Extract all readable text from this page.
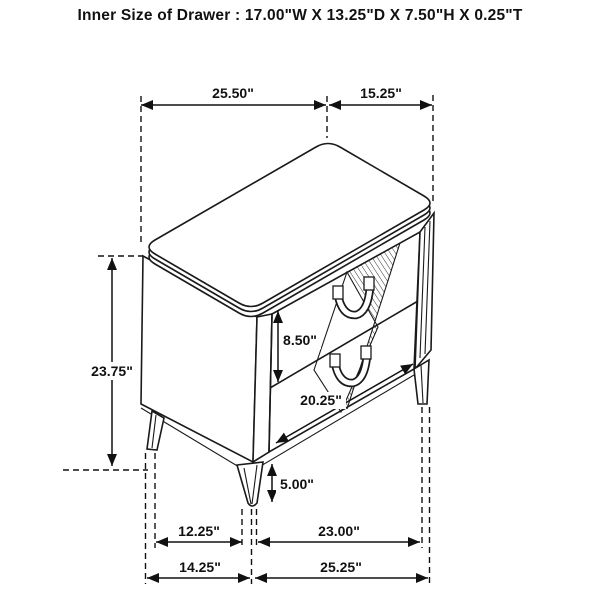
Inner Size of Drawer : 17.00"W X 13.25"D X 7.50"H X 0.25"T
25.50"	15.25"
23.75"
8.50"
20.25"
5.00"
12.25"	23.00"
14.25"	25.25"
